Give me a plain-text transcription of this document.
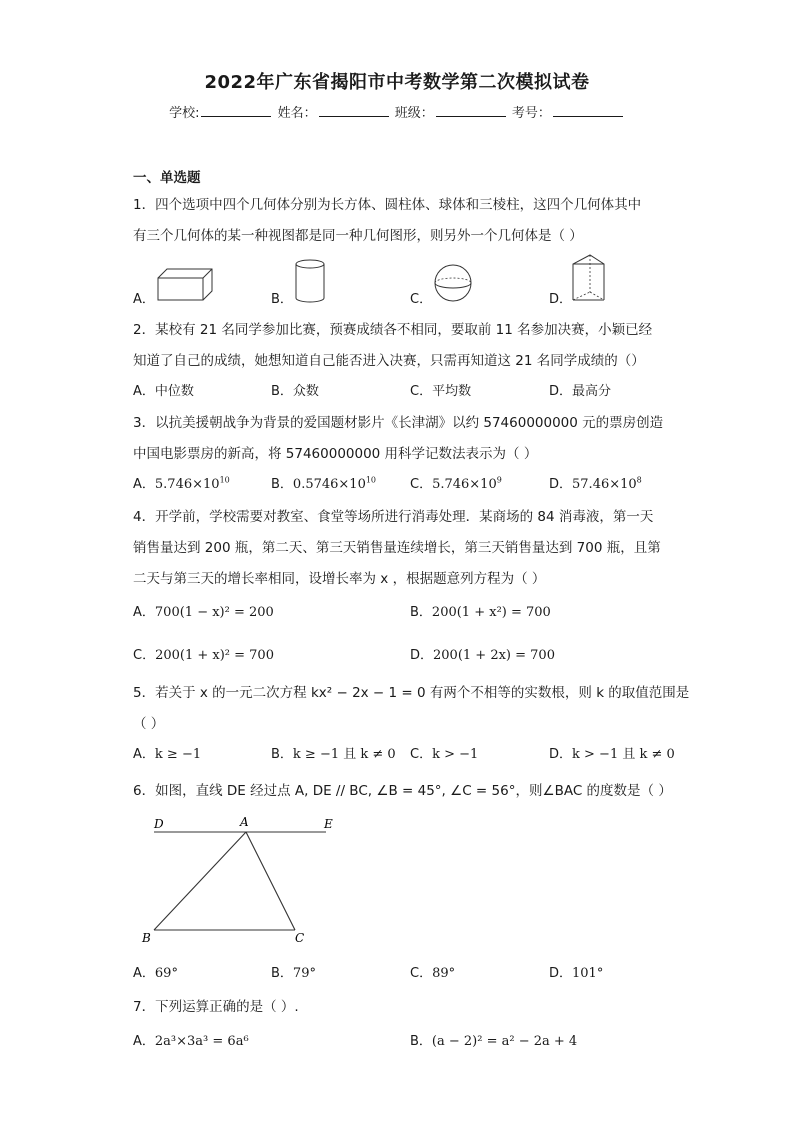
2022年广东省揭阳市中考数学第二次模拟试卷
学校:	姓名：	班级：	考号：
一、单选题
1．四个选项中四个几何体分别为长方体、圆柱体、球体和三棱柱，这四个几何体其中
有三个几何体的某一种视图都是同一种几何图形，则另外一个几何体是（ ）
A．	B．	C．	D．
2．某校有 21 名同学参加比赛，预赛成绩各不相同，要取前 11 名参加决赛，小颖已经
知道了自己的成绩，她想知道自己能否进入决赛，只需再知道这 21 名同学成绩的（）
A．中位数	B．众数	C．平均数	D．最高分
3．以抗美援朝战争为背景的爱国题材影片《长津湖》以约 57460000000 元的票房创造
中国电影票房的新高，将 57460000000 用科学记数法表示为（ ）
A．$5.746\times 10^{10}$	B．$0.5746\times 10^{10}$	C．$5.746\times 10^9$	D．$57.46\times 10^8$
4．开学前，学校需要对教室、食堂等场所进行消毒处理．某商场的 84 消毒液，第一天
销售量达到 200 瓶，第二天、第三天销售量连续增长，第三天销售量达到 700 瓶，且第
二天与第三天的增长率相同，设增长率为 x ，根据题意列方程为（ ）
A．700(1 − x)² = 200	B．200(1 + x²) = 700
C．200(1 + x)² = 700	D．200(1 + 2x) = 700
5．若关于 x 的一元二次方程 kx² − 2x − 1 = 0 有两个不相等的实数根，则 k 的取值范围是
（ ）
A．k ≥ −1	B．k ≥ −1 且 k ≠ 0 C．k > −1	D．k > −1 且 k ≠ 0
6．如图，直线 DE 经过点 A, DE // BC, ∠B = 45°, ∠C = 56°，则∠BAC 的度数是（ ）
D	A	E
B	C
A．69°	B．79°	C．89°	D．101°
7．下列运算正确的是（ ）.
A．2a³×3a³ = 6a⁶	B．(a − 2)² = a² − 2a + 4
